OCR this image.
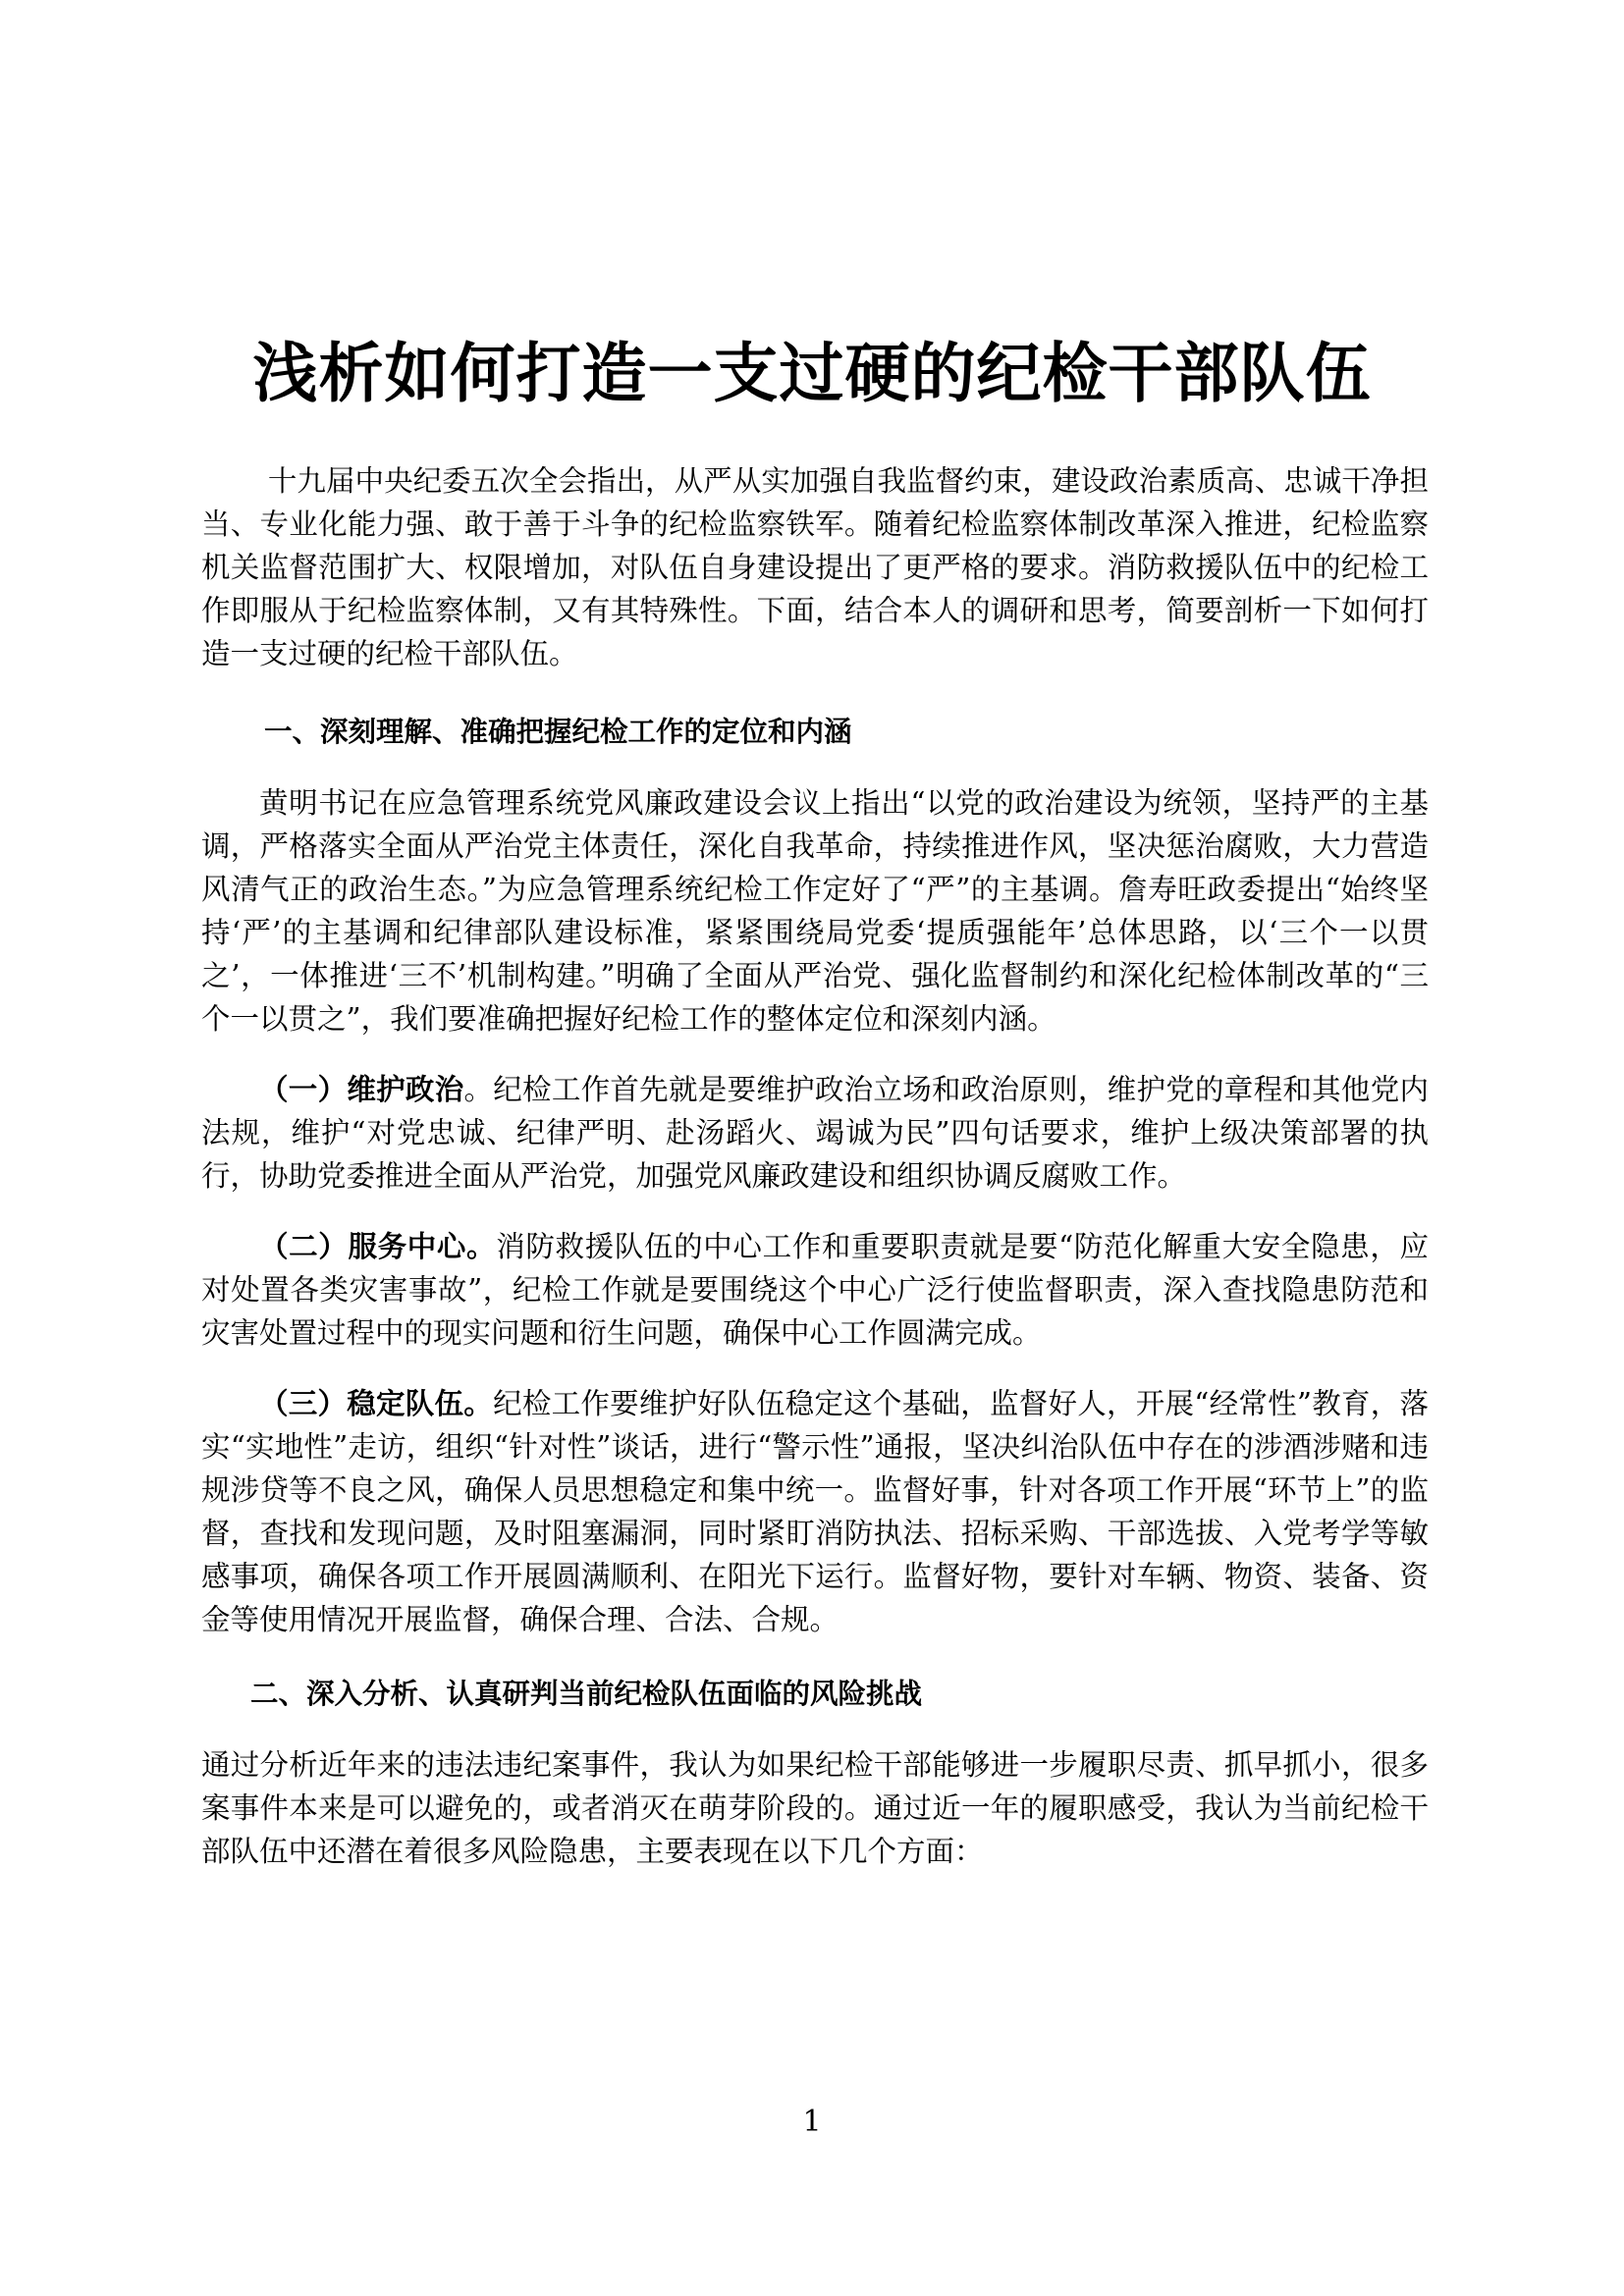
浅析如何打造一支过硬的纪检干部队伍

十九届中央纪委五次全会指出，从严从实加强自我监督约束，建设政治素质高、忠诚干净担当、专业化能力强、敢于善于斗争的纪检监察铁军。随着纪检监察体制改革深入推进，纪检监察机关监督范围扩大、权限增加，对队伍自身建设提出了更严格的要求。消防救援队伍中的纪检工作即服从于纪检监察体制，又有其特殊性。下面，结合本人的调研和思考，简要剖析一下如何打造一支过硬的纪检干部队伍。

一、深刻理解、准确把握纪检工作的定位和内涵

黄明书记在应急管理系统党风廉政建设会议上指出“以党的政治建设为统领，坚持严的主基调，严格落实全面从严治党主体责任，深化自我革命，持续推进作风，坚决惩治腐败，大力营造风清气正的政治生态。”为应急管理系统纪检工作定好了“严”的主基调。詹寿旺政委提出“始终坚持‘严’的主基调和纪律部队建设标准，紧紧围绕局党委‘提质强能年’总体思路，以‘三个一以贯之’，一体推进‘三不’机制构建。”明确了全面从严治党、强化监督制约和深化纪检体制改革的“三个一以贯之”，我们要准确把握好纪检工作的整体定位和深刻内涵。

（一）维护政治。纪检工作首先就是要维护政治立场和政治原则，维护党的章程和其他党内法规，维护“对党忠诚、纪律严明、赴汤蹈火、竭诚为民”四句话要求，维护上级决策部署的执行，协助党委推进全面从严治党，加强党风廉政建设和组织协调反腐败工作。

（二）服务中心。消防救援队伍的中心工作和重要职责就是要“防范化解重大安全隐患，应对处置各类灾害事故”，纪检工作就是要围绕这个中心广泛行使监督职责，深入查找隐患防范和灾害处置过程中的现实问题和衍生问题，确保中心工作圆满完成。

（三）稳定队伍。纪检工作要维护好队伍稳定这个基础，监督好人，开展“经常性”教育，落实“实地性”走访，组织“针对性”谈话，进行“警示性”通报，坚决纠治队伍中存在的涉酒涉赌和违规涉贷等不良之风，确保人员思想稳定和集中统一。监督好事，针对各项工作开展“环节上”的监督，查找和发现问题，及时阻塞漏洞，同时紧盯消防执法、招标采购、干部选拔、入党考学等敏感事项，确保各项工作开展圆满顺利、在阳光下运行。监督好物，要针对车辆、物资、装备、资金等使用情况开展监督，确保合理、合法、合规。

二、深入分析、认真研判当前纪检队伍面临的风险挑战

通过分析近年来的违法违纪案事件，我认为如果纪检干部能够进一步履职尽责、抓早抓小，很多案事件本来是可以避免的，或者消灭在萌芽阶段的。通过近一年的履职感受，我认为当前纪检干部队伍中还潜在着很多风险隐患，主要表现在以下几个方面：

1
